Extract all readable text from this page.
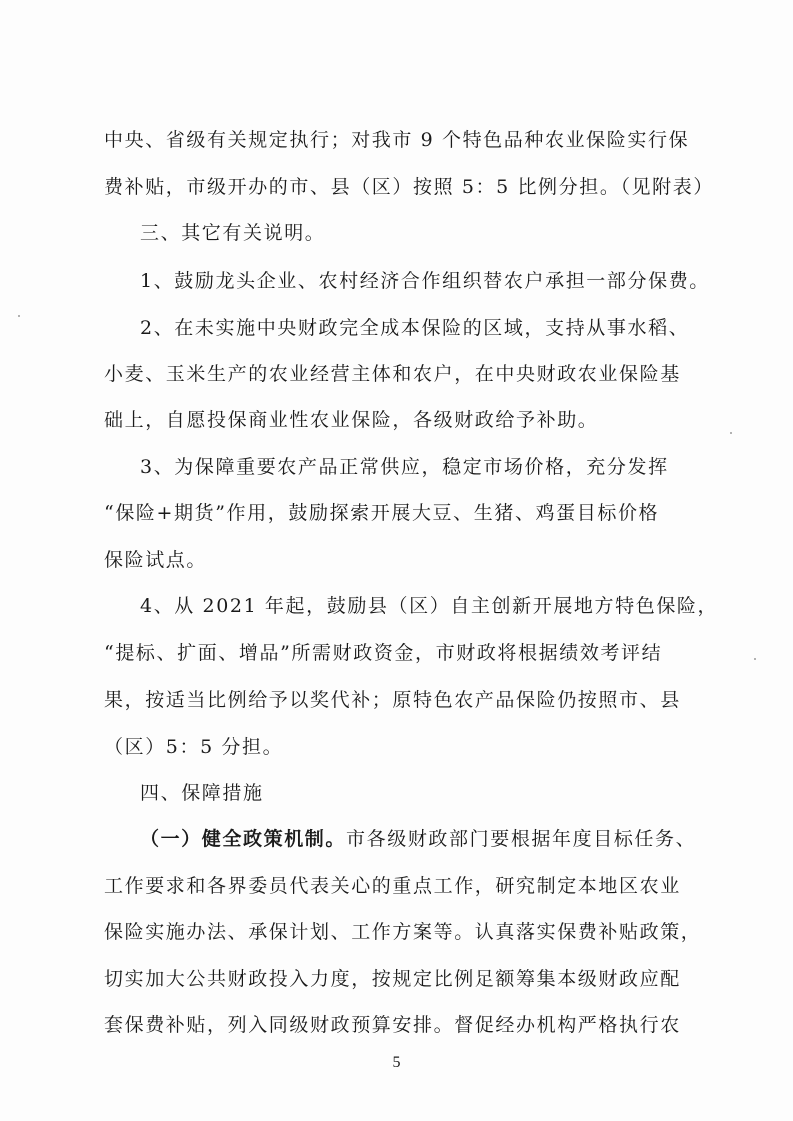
中央、省级有关规定执行；对我市 9 个特色品种农业保险实行保
费补贴，市级开办的市、县（区）按照 5：5 比例分担。（见附表）
三、其它有关说明。
1、鼓励龙头企业、农村经济合作组织替农户承担一部分保费。
2、在未实施中央财政完全成本保险的区域，支持从事水稻、
小麦、玉米生产的农业经营主体和农户，在中央财政农业保险基
础上，自愿投保商业性农业保险，各级财政给予补助。
3、为保障重要农产品正常供应，稳定市场价格，充分发挥
“保险+期货”作用，鼓励探索开展大豆、生猪、鸡蛋目标价格
保险试点。
4、从 2021 年起，鼓励县（区）自主创新开展地方特色保险，
“提标、扩面、增品”所需财政资金，市财政将根据绩效考评结
果，按适当比例给予以奖代补；原特色农产品保险仍按照市、县
（区）5：5 分担。
四、保障措施
（一）健全政策机制。市各级财政部门要根据年度目标任务、
工作要求和各界委员代表关心的重点工作，研究制定本地区农业
保险实施办法、承保计划、工作方案等。认真落实保费补贴政策，
切实加大公共财政投入力度，按规定比例足额筹集本级财政应配
套保费补贴，列入同级财政预算安排。督促经办机构严格执行农
5
